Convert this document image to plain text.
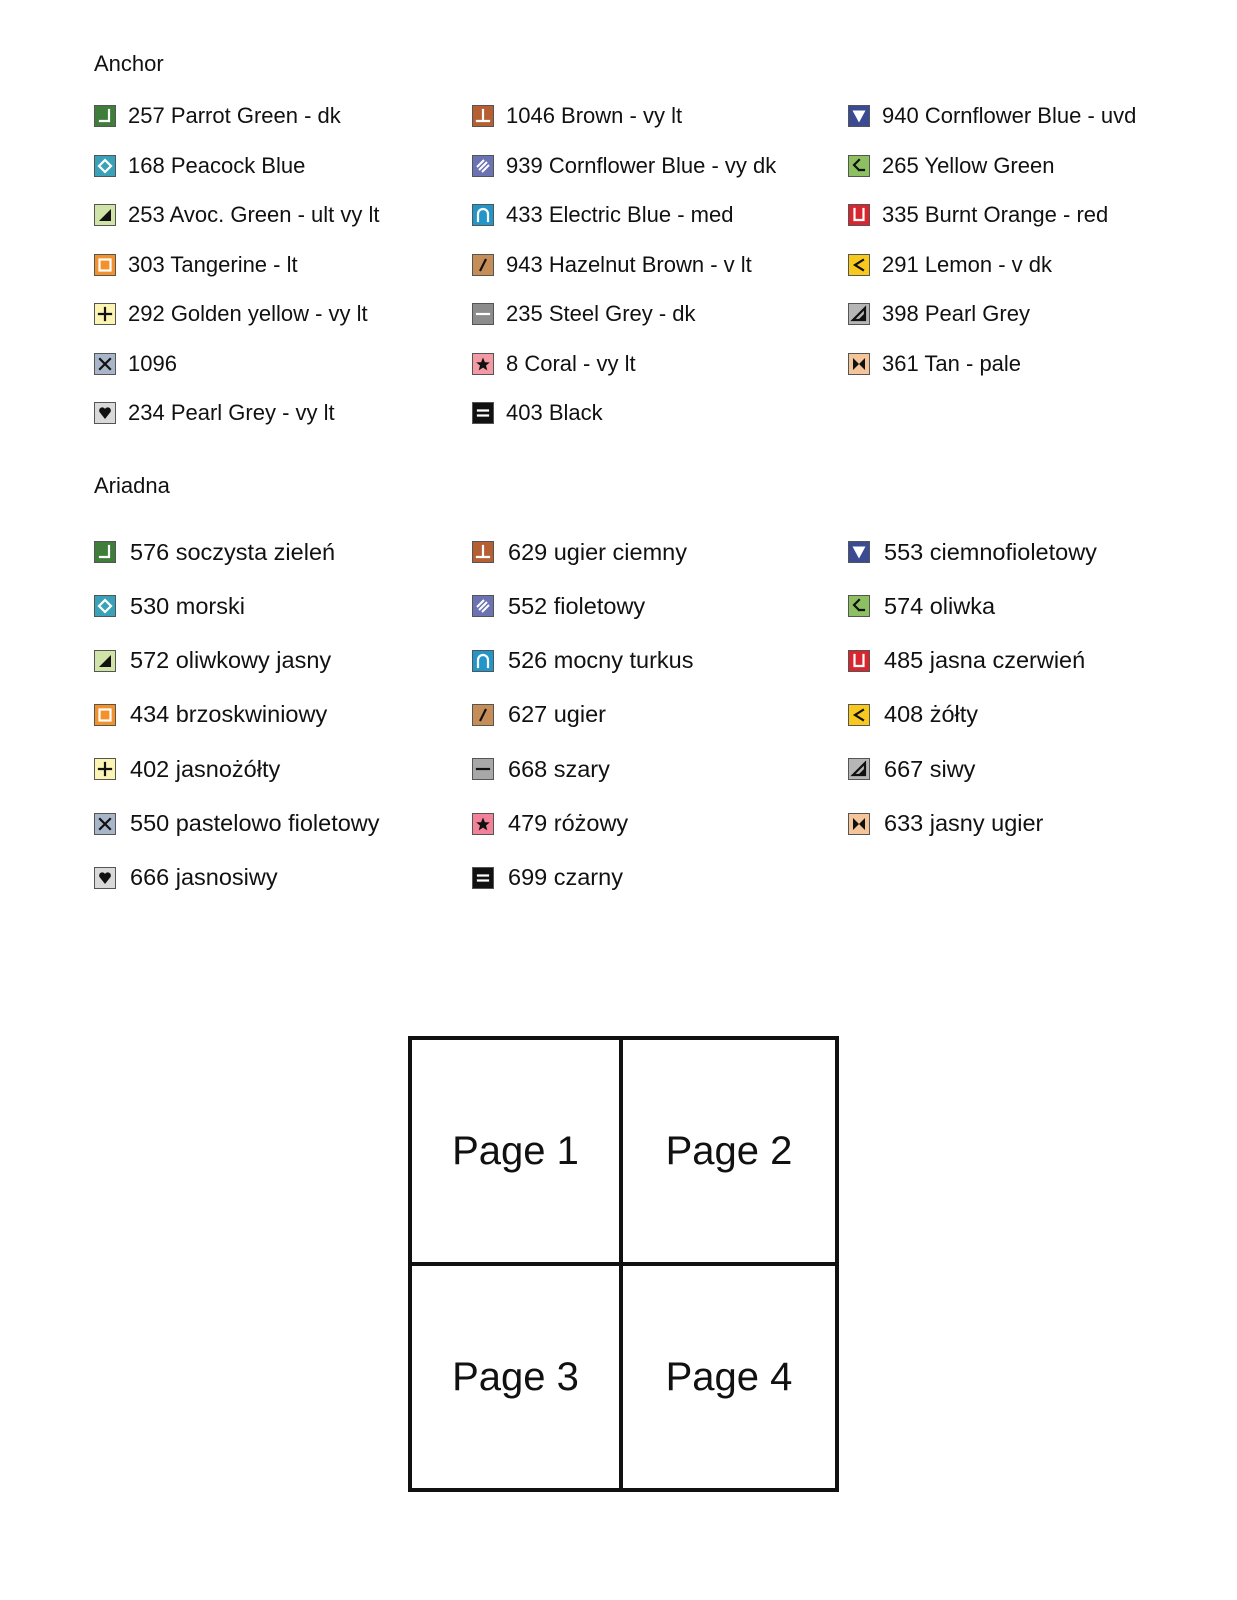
Anchor
257 Parrot Green - dk
168 Peacock Blue
253 Avoc. Green - ult vy lt
303 Tangerine - lt
292 Golden yellow - vy lt
1096
234 Pearl Grey - vy lt
1046 Brown - vy lt
939 Cornflower Blue - vy dk
433 Electric Blue - med
943 Hazelnut Brown - v lt
235 Steel Grey - dk
8 Coral - vy lt
403 Black
940 Cornflower Blue - uvd
265 Yellow Green
335 Burnt Orange - red
291 Lemon - v dk
398 Pearl Grey
361 Tan - pale
Ariadna
576 soczysta zieleń
530 morski
572 oliwkowy jasny
434 brzoskwiniowy
402 jasnożółty
550 pastelowo fioletowy
666 jasnosiwy
629 ugier ciemny
552 fioletowy
526 mocny turkus
627 ugier
668 szary
479 różowy
699 czarny
553 ciemnofioletowy
574 oliwka
485 jasna czerwień
408 żółty
667 siwy
633 jasny ugier
Page 1	Page 2
Page 3	Page 4
